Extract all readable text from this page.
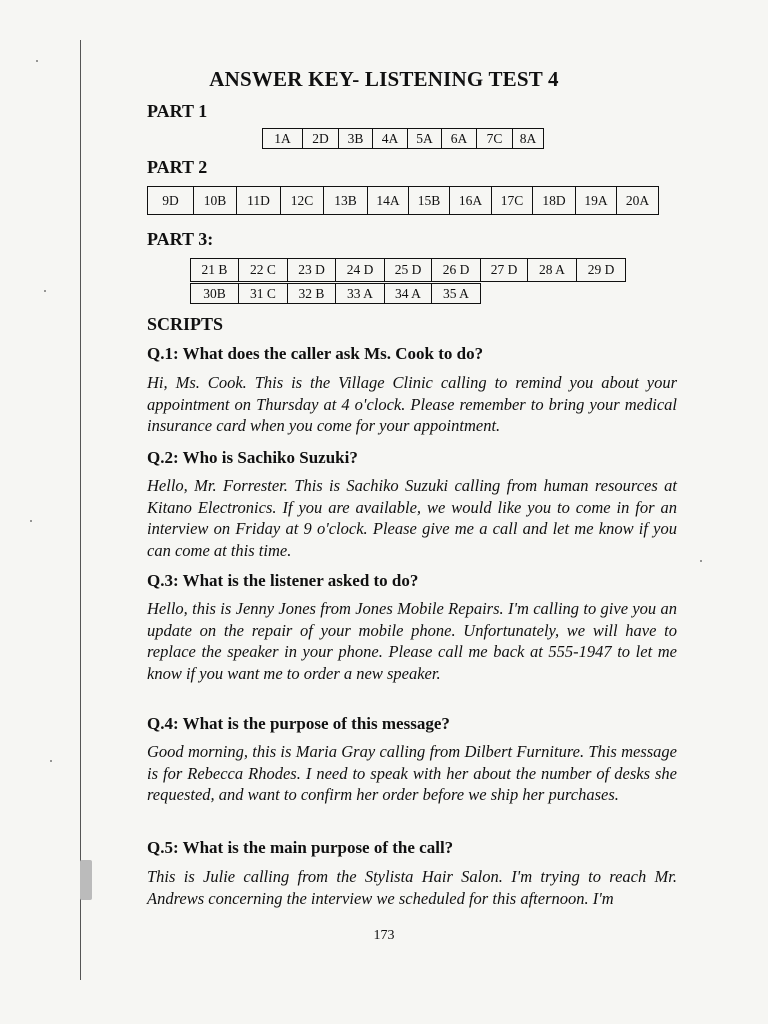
ANSWER KEY- LISTENING TEST 4
PART 1
1A	2D	3B	4A	5A	6A	7C	8A
PART 2
9D	10B	11D	12C	13B	14A	15B	16A	17C	18D	19A	20A
PART 3:
21 B	22 C	23 D	24 D	25 D	26 D	27 D	28 A	29 D
30B	31 C	32 B	33 A	34 A	35 A
SCRIPTS
Q.1: What does the caller ask Ms. Cook to do?
Hi, Ms. Cook. This is the Village Clinic calling to remind you about your appointment on Thursday at 4 o'clock. Please remember to bring your medical insurance card when you come for your appointment.
Q.2: Who is Sachiko Suzuki?
Hello, Mr. Forrester. This is Sachiko Suzuki calling from human resources at Kitano Electronics. If you are available, we would like you to come in for an interview on Friday at 9 o'clock. Please give me a call and let me know if you can come at this time.
Q.3: What is the listener asked to do?
Hello, this is Jenny Jones from Jones Mobile Repairs. I'm calling to give you an update on the repair of your mobile phone. Unfortunately, we will have to replace the speaker in your phone. Please call me back at 555-1947 to let me know if you want me to order a new speaker.
Q.4: What is the purpose of this message?
Good morning, this is Maria Gray calling from Dilbert Furniture. This message is for Rebecca Rhodes. I need to speak with her about the number of desks she requested, and want to confirm her order before we ship her purchases.
Q.5: What is the main purpose of the call?
This is Julie calling from the Stylista Hair Salon. I'm trying to reach Mr. Andrews concerning the interview we scheduled for this afternoon. I'm
173
